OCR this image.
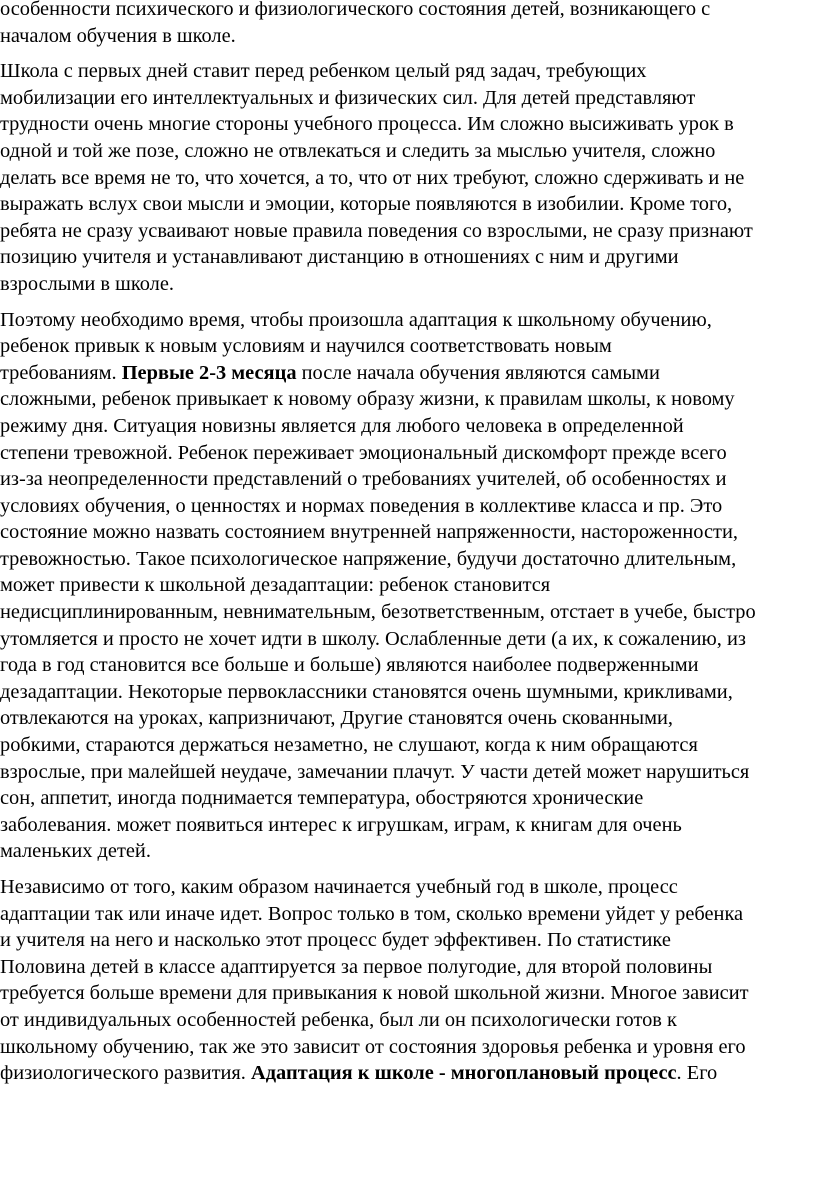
особенности психического и физиологического состояния детей, возникающего с
началом обучения в школе.

Школа с первых дней ставит перед ребенком целый ряд задач, требующих
мобилизации его интеллектуальных и физических сил. Для детей представляют
трудности очень многие стороны учебного процесса. Им сложно высиживать урок в
одной и той же позе, сложно не отвлекаться и следить за мыслью учителя, сложно
делать все время не то, что хочется, а то, что от них требуют, сложно сдерживать и не
выражать вслух свои мысли и эмоции, которые появляются в изобилии. Кроме того,
ребята не сразу усваивают новые правила поведения со взрослыми, не сразу признают
позицию учителя и устанавливают дистанцию в отношениях с ним и другими
взрослыми в школе.

Поэтому необходимо время, чтобы произошла адаптация к школьному обучению,
ребенок привык к новым условиям и научился соответствовать новым
требованиям. Первые 2-3 месяца после начала обучения являются самыми
сложными, ребенок привыкает к новому образу жизни, к правилам школы, к новому
режиму дня. Ситуация новизны является для любого человека в определенной
степени тревожной. Ребенок переживает эмоциональный дискомфорт прежде всего
из-за неопределенности представлений о требованиях учителей, об особенностях и
условиях обучения, о ценностях и нормах поведения в коллективе класса и пр. Это
состояние можно назвать состоянием внутренней напряженности, настороженности,
тревожностью. Такое психологическое напряжение, будучи достаточно длительным,
может привести к школьной дезадаптации: ребенок становится
недисциплинированным, невнимательным, безответственным, отстает в учебе, быстро
утомляется и просто не хочет идти в школу. Ослабленные дети (а их, к сожалению, из
года в год становится все больше и больше) являются наиболее подверженными
дезадаптации. Некоторые первоклассники становятся очень шумными, крикливами,
отвлекаются на уроках, капризничают, Другие становятся очень скованными,
робкими, стараются держаться незаметно, не слушают, когда к ним обращаются
взрослые, при малейшей неудаче, замечании плачут. У части детей может нарушиться
сон, аппетит, иногда поднимается температура, обостряются хронические
заболевания. может появиться интерес к игрушкам, играм, к книгам для очень
маленьких детей.

Независимо от того, каким образом начинается учебный год в школе, процесс
адаптации так или иначе идет. Вопрос только в том, сколько времени уйдет у ребенка
и учителя на него и насколько этот процесс будет эффективен. По статистике
Половина детей в классе адаптируется за первое полугодие, для второй половины
требуется больше времени для привыкания к новой школьной жизни. Многое зависит
от индивидуальных особенностей ребенка, был ли он психологически готов к
школьному обучению, так же это зависит от состояния здоровья ребенка и уровня его
физиологического развития. Адаптация к школе - многоплановый процесс. Его
